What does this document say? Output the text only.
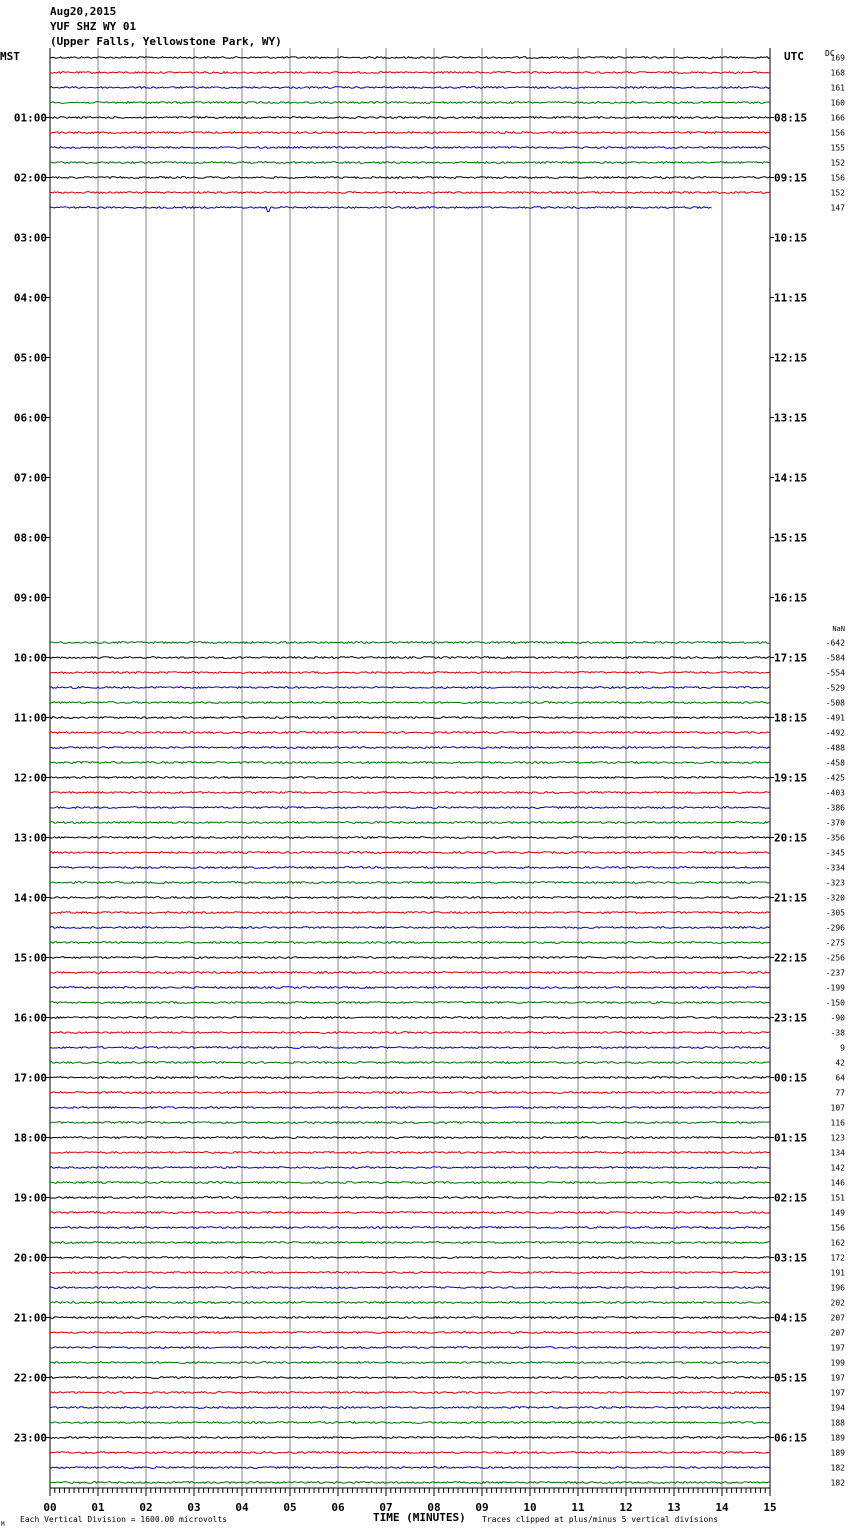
Aug20,2015
YUF SHZ WY 01
(Upper Falls, Yellowstone Park, WY)
MST	UTC	169
168
161
160
166
156
155
152
156
152
147
DC
-642
-584
-554
-529
-508
-491
-492
-488
-458
-425
-403
-386
-370
-356
-345
-334
-323
-320
-305
-296
-275
-256
-237
-199
-150
-90
-38
9
42
64
77
107
116
123
134
142
146
151
149
156
162
172
191
196
202
207
207
197
199
197
197
194
188
189
189
182
182
NaN
01:00	08:15
02:00	09:15
03:00	10:15
04:00	11:15
05:00	12:15
06:00	13:15
07:00	14:15
08:00	15:15
09:00	16:15
10:00	17:15
11:00	18:15
12:00	19:15
13:00	20:15
14:00	21:15
15:00	22:15
16:00	23:15
17:00	00:15
18:00	01:15
19:00	02:15
20:00	03:15
21:00	04:15
22:00	05:15
23:00	06:15
00	01	02	03	04	05	06	07	08	09	10	11	12	13	14	15
M
Each Vertical Division = 1600.00 microvolts	TIME (MINUTES) Traces clipped at plus/minus 5 vertical divisions
